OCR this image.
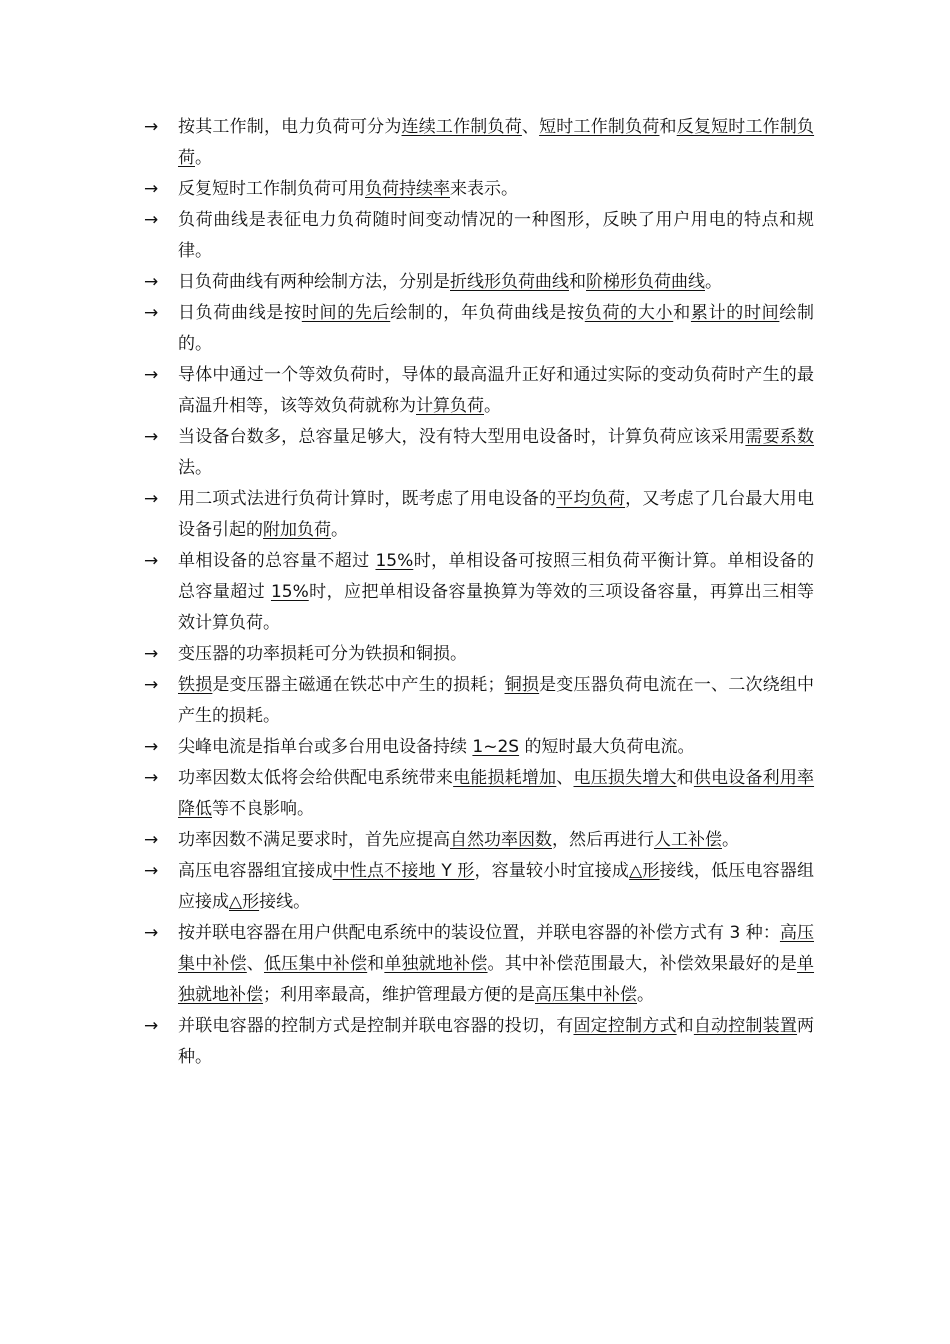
→ 按其工作制，电力负荷可分为连续工作制负荷、短时工作制负荷和反复短时工作制负荷。
→ 反复短时工作制负荷可用负荷持续率来表示。
→ 负荷曲线是表征电力负荷随时间变动情况的一种图形，反映了用户用电的特点和规律。
→ 日负荷曲线有两种绘制方法，分别是折线形负荷曲线和阶梯形负荷曲线。
→ 日负荷曲线是按时间的先后绘制的，年负荷曲线是按负荷的大小和累计的时间绘制的。
→ 导体中通过一个等效负荷时，导体的最高温升正好和通过实际的变动负荷时产生的最高温升相等，该等效负荷就称为计算负荷。
→ 当设备台数多，总容量足够大，没有特大型用电设备时，计算负荷应该采用需要系数法。
→ 用二项式法进行负荷计算时，既考虑了用电设备的平均负荷，又考虑了几台最大用电设备引起的附加负荷。
→ 单相设备的总容量不超过 15%时，单相设备可按照三相负荷平衡计算。单相设备的总容量超过 15%时，应把单相设备容量换算为等效的三项设备容量，再算出三相等效计算负荷。
→ 变压器的功率损耗可分为铁损和铜损。
→ 铁损是变压器主磁通在铁芯中产生的损耗；铜损是变压器负荷电流在一、二次绕组中产生的损耗。
→ 尖峰电流是指单台或多台用电设备持续 1~2S 的短时最大负荷电流。
→ 功率因数太低将会给供配电系统带来电能损耗增加、电压损失增大和供电设备利用率降低等不良影响。
→ 功率因数不满足要求时，首先应提高自然功率因数，然后再进行人工补偿。
→ 高压电容器组宜接成中性点不接地 Y 形，容量较小时宜接成△形接线，低压电容器组应接成△形接线。
→ 按并联电容器在用户供配电系统中的装设位置，并联电容器的补偿方式有 3 种：高压集中补偿、低压集中补偿和单独就地补偿。其中补偿范围最大，补偿效果最好的是单独就地补偿；利用率最高，维护管理最方便的是高压集中补偿。
→ 并联电容器的控制方式是控制并联电容器的投切，有固定控制方式和自动控制装置两种。
